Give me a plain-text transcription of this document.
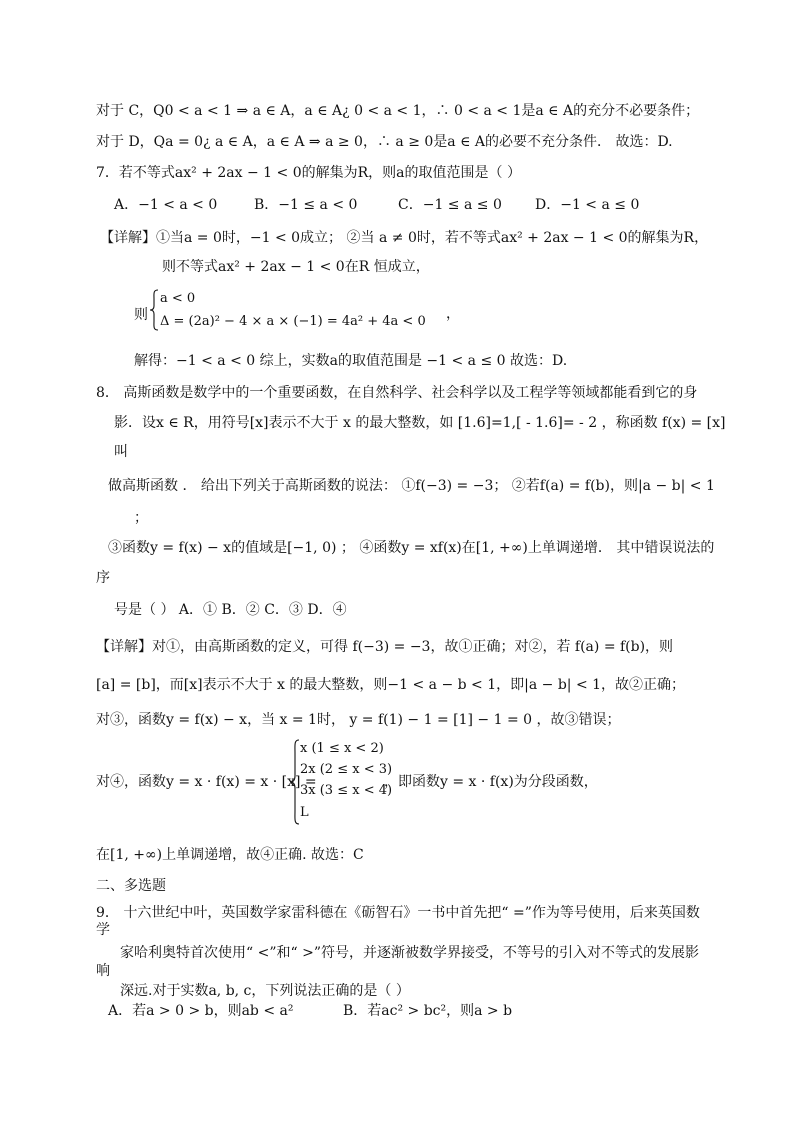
对于 C，Q0 < a < 1 ⇒ a ∈ A，a ∈ A¿ 0 < a < 1，∴ 0 < a < 1是a ∈ A的充分不必要条件；
对于 D，Qa = 0¿ a ∈ A，a ∈ A ⇒ a ≥ 0，∴ a ≥ 0是a ∈ A的必要不充分条件． 故选：D.
7．若不等式ax² + 2ax − 1 < 0的解集为R，则a的取值范围是（ ）
A．−1 < a < 0	B．−1 ≤ a < 0	C．−1 ≤ a ≤ 0 D．−1 < a ≤ 0
【详解】①当a = 0时，−1 < 0成立； ②当 a ≠ 0时，若不等式ax² + 2ax − 1 < 0的解集为R，
则不等式ax² + 2ax − 1 < 0在R 恒成立，
则
a < 0
Δ = (2a)² − 4 × a × (−1) = 4a² + 4a < 0 ，
解得：−1 < a < 0 综上，实数a的取值范围是 −1 < a ≤ 0 故选：D.
8． 高斯函数是数学中的一个重要函数，在自然科学、社会科学以及工程学等领域都能看到它的身
影．设x ∈ R，用符号[x]表示不大于 x 的最大整数，如 [1.6]=1,[ - 1.6]= - 2 ，称函数 f(x) = [x]
叫
做高斯函数 ． 给出下列关于高斯函数的说法： ①f(−3) = −3； ②若f(a) = f(b)，则|a − b| < 1
；
③函数y = f(x) − x的值域是[−1, 0) ； ④函数y = xf(x)在[1, +∞)上单调递增． 其中错误说法的
序
号是（ ） A．① B．② C．③ D．④
【详解】对①，由高斯函数的定义，可得 f(−3) = −3，故①正确；对②，若 f(a) = f(b)，则
[a] = [b]，而[x]表示不大于 x 的最大整数，则−1 < a − b < 1，即|a − b| < 1，故②正确；
对③，函数y = f(x) − x，当 x = 1时， y = f(1) − 1 = [1] − 1 = 0 ，故③错误；
对④，函数y = x · f(x) = x · [x] =
x (1 ≤ x < 2)
2x (2 ≤ x < 3)
3x (3 ≤ x < 4)
L
，即函数y = x · f(x)为分段函数，
在[1, +∞)上单调递增，故④正确. 故选：C
二、多选题
9． 十六世纪中叶，英国数学家雷科德在《砺智石》一书中首先把“ =”作为等号使用，后来英国数
学
家哈利奥特首次使用“ <”和“ >”符号，并逐渐被数学界接受，不等号的引入对不等式的发展影
响
深远.对于实数a, b, c，下列说法正确的是（ ）
A．若a > 0 > b，则ab < a²	B．若ac² > bc²，则a > b
